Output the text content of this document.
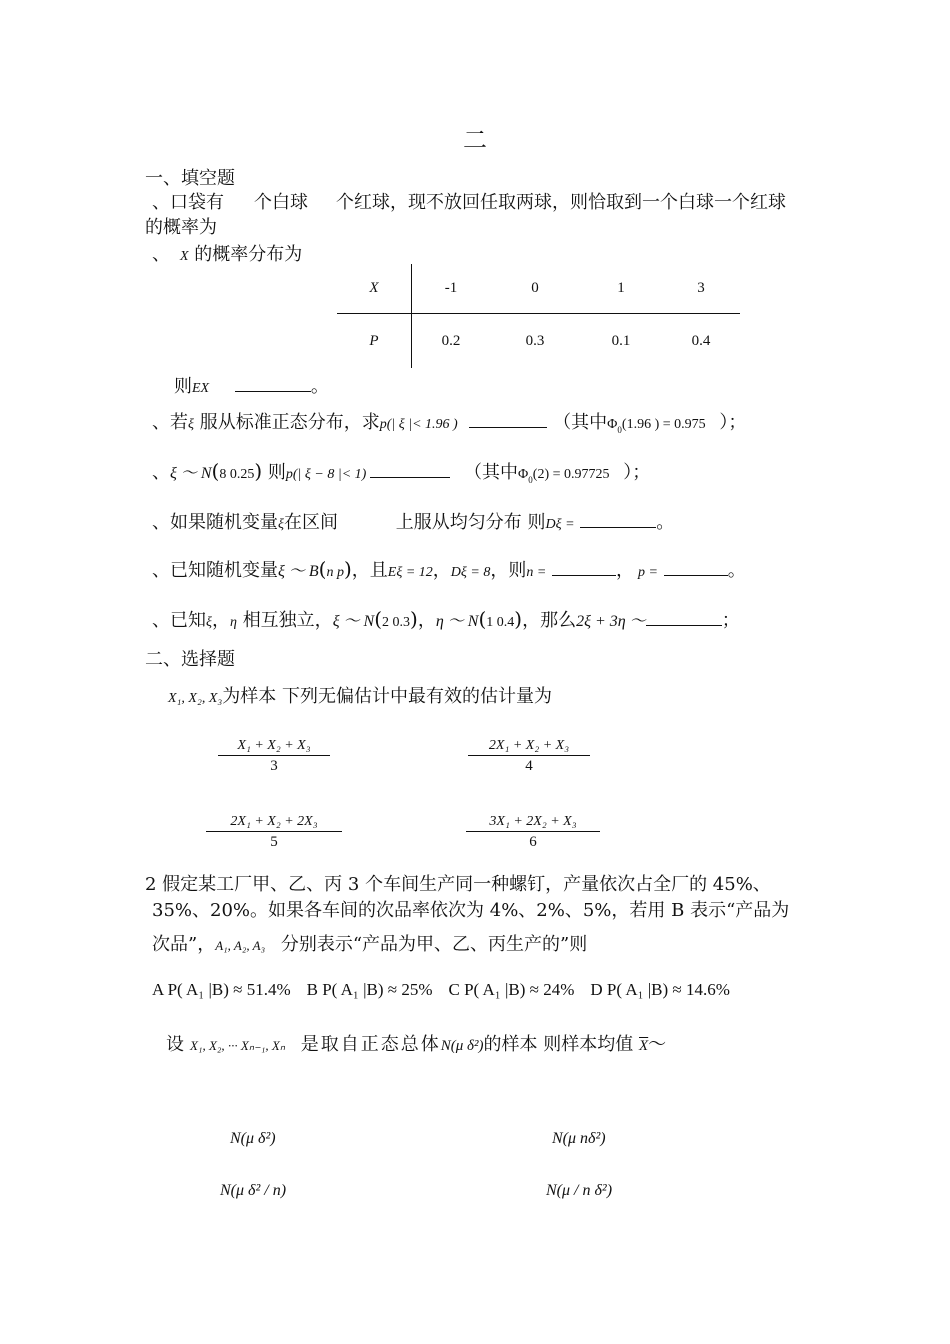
二
一、填空题
、口袋有 个白球 个红球，现不放回任取两球，则恰取到一个白球一个红球
的概率为
、 X 的概率分布为
X	-1	0	1	3
P	0.2	0.3	0.1	0.4
则EX	。
、若ξ 服从标准正态分布，求p(| ξ |< 1.96 )	（其中$\Phi_0(1.96$ ) = 0.975 ）；
、ξ ～ N(8 0.25) 则p(| ξ − 8 |< 1)	（其中$\Phi_0(2) = 0.97725$ ）；
、如果随机变量ξ在区间	上服从均匀分布 则Dξ =	。
、已知随机变量ξ ～ B(n p)，且Eξ = 12，Dξ = 8，则n =	， p =	。
、已知ξ，η 相互独立，ξ ～ N(2 0.3)，η ～ N(1 0.4)，那么2ξ + 3η ～	；
二、选择题
X₁, X₂, X₃为样本 下列无偏估计中最有效的估计量为
$\frac{\text{X₁ + X₂ + X₃}}{3}$	$\frac{\text{2X₁ + X₂ + X₃}}{4}$
$\frac{\text{2X₁ + X₂ + 2X₃}}{5}$	$\frac{\text{3X₁ + 2X₂ + X₃}}{6}$
2 假定某工厂甲、乙、丙 3 个车间生产同一种螺钉，产量依次占全厂的 45%、
35%、20%。如果各车间的次品率依次为 4%、2%、5%，若用 B 表示“产品为
次品”，A₁, A₂, A₃ 分别表示“产品为甲、乙、丙生产的”则
A P( A₁ |B) ≈ 51.4% B P( A₁ |B) ≈ 25% C P( A₁ |B) ≈ 24% D P( A₁ |B) ≈ 14.6%
设 X₁, X₂, ··· Xₙ₋₁, Xₙ 是取自正态总体N(μ δ²)的样本 则样本均值 $\overline{X}\sim$
N(μ δ²)	N(μ nδ²)
N(μ δ² / n)	N(μ / n δ²)
